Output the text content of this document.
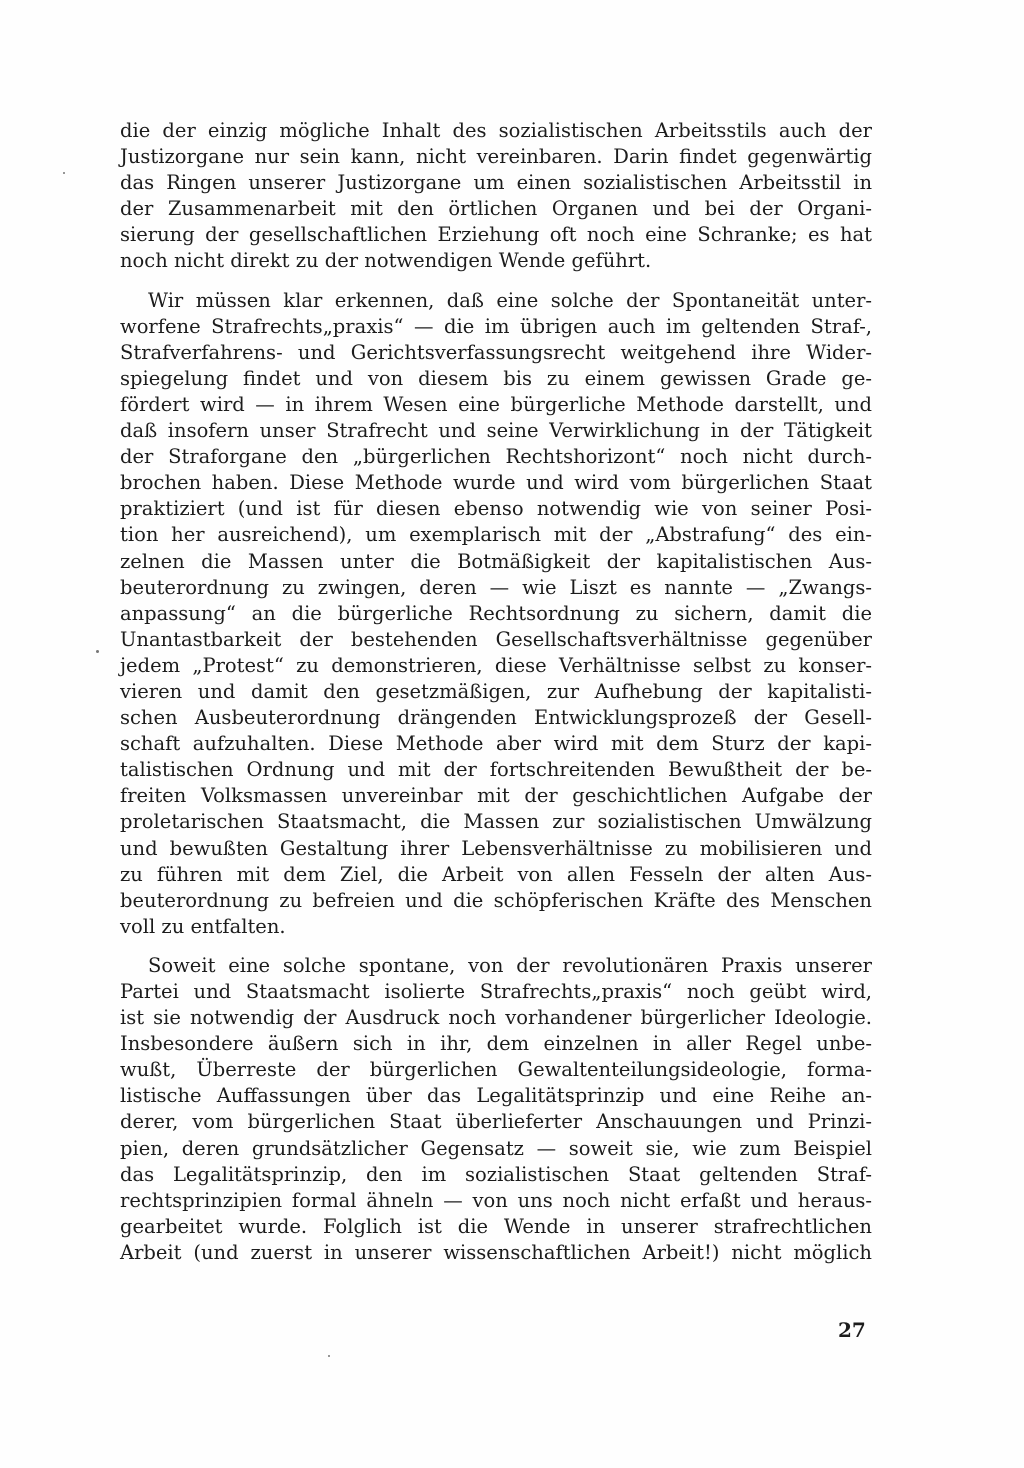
die der einzig mögliche Inhalt des sozialistischen Arbeitsstils auch der
Justizorgane nur sein kann, nicht vereinbaren. Darin findet gegenwärtig
das Ringen unserer Justizorgane um einen sozialistischen Arbeitsstil in
der Zusammenarbeit mit den örtlichen Organen und bei der Organi-
sierung der gesellschaftlichen Erziehung oft noch eine Schranke; es hat
noch nicht direkt zu der notwendigen Wende geführt.
Wir müssen klar erkennen, daß eine solche der Spontaneität unter-
worfene Strafrechts„praxis“ — die im übrigen auch im geltenden Straf-,
Strafverfahrens- und Gerichtsverfassungsrecht weitgehend ihre Wider-
spiegelung findet und von diesem bis zu einem gewissen Grade ge-
fördert wird — in ihrem Wesen eine bürgerliche Methode darstellt, und
daß insofern unser Strafrecht und seine Verwirklichung in der Tätigkeit
der Straforgane den „bürgerlichen Rechtshorizont“ noch nicht durch-
brochen haben. Diese Methode wurde und wird vom bürgerlichen Staat
praktiziert (und ist für diesen ebenso notwendig wie von seiner Posi-
tion her ausreichend), um exemplarisch mit der „Abstrafung“ des ein-
zelnen die Massen unter die Botmäßigkeit der kapitalistischen Aus-
beuterordnung zu zwingen, deren — wie Liszt es nannte — „Zwangs-
anpassung“ an die bürgerliche Rechtsordnung zu sichern, damit die
Unantastbarkeit der bestehenden Gesellschaftsverhältnisse gegenüber
jedem „Protest“ zu demonstrieren, diese Verhältnisse selbst zu konser-
vieren und damit den gesetzmäßigen, zur Aufhebung der kapitalisti-
schen Ausbeuterordnung drängenden Entwicklungsprozeß der Gesell-
schaft aufzuhalten. Diese Methode aber wird mit dem Sturz der kapi-
talistischen Ordnung und mit der fortschreitenden Bewußtheit der be-
freiten Volksmassen unvereinbar mit der geschichtlichen Aufgabe der
proletarischen Staatsmacht, die Massen zur sozialistischen Umwälzung
und bewußten Gestaltung ihrer Lebensverhältnisse zu mobilisieren und
zu führen mit dem Ziel, die Arbeit von allen Fesseln der alten Aus-
beuterordnung zu befreien und die schöpferischen Kräfte des Menschen
voll zu entfalten.
Soweit eine solche spontane, von der revolutionären Praxis unserer
Partei und Staatsmacht isolierte Strafrechts„praxis“ noch geübt wird,
ist sie notwendig der Ausdruck noch vorhandener bürgerlicher Ideologie.
Insbesondere äußern sich in ihr, dem einzelnen in aller Regel unbe-
wußt, Überreste der bürgerlichen Gewaltenteilungsideologie, forma-
listische Auffassungen über das Legalitätsprinzip und eine Reihe an-
derer, vom bürgerlichen Staat überlieferter Anschauungen und Prinzi-
pien, deren grundsätzlicher Gegensatz — soweit sie, wie zum Beispiel
das Legalitätsprinzip, den im sozialistischen Staat geltenden Straf-
rechtsprinzipien formal ähneln — von uns noch nicht erfaßt und heraus-
gearbeitet wurde. Folglich ist die Wende in unserer strafrechtlichen
Arbeit (und zuerst in unserer wissenschaftlichen Arbeit!) nicht möglich
27
